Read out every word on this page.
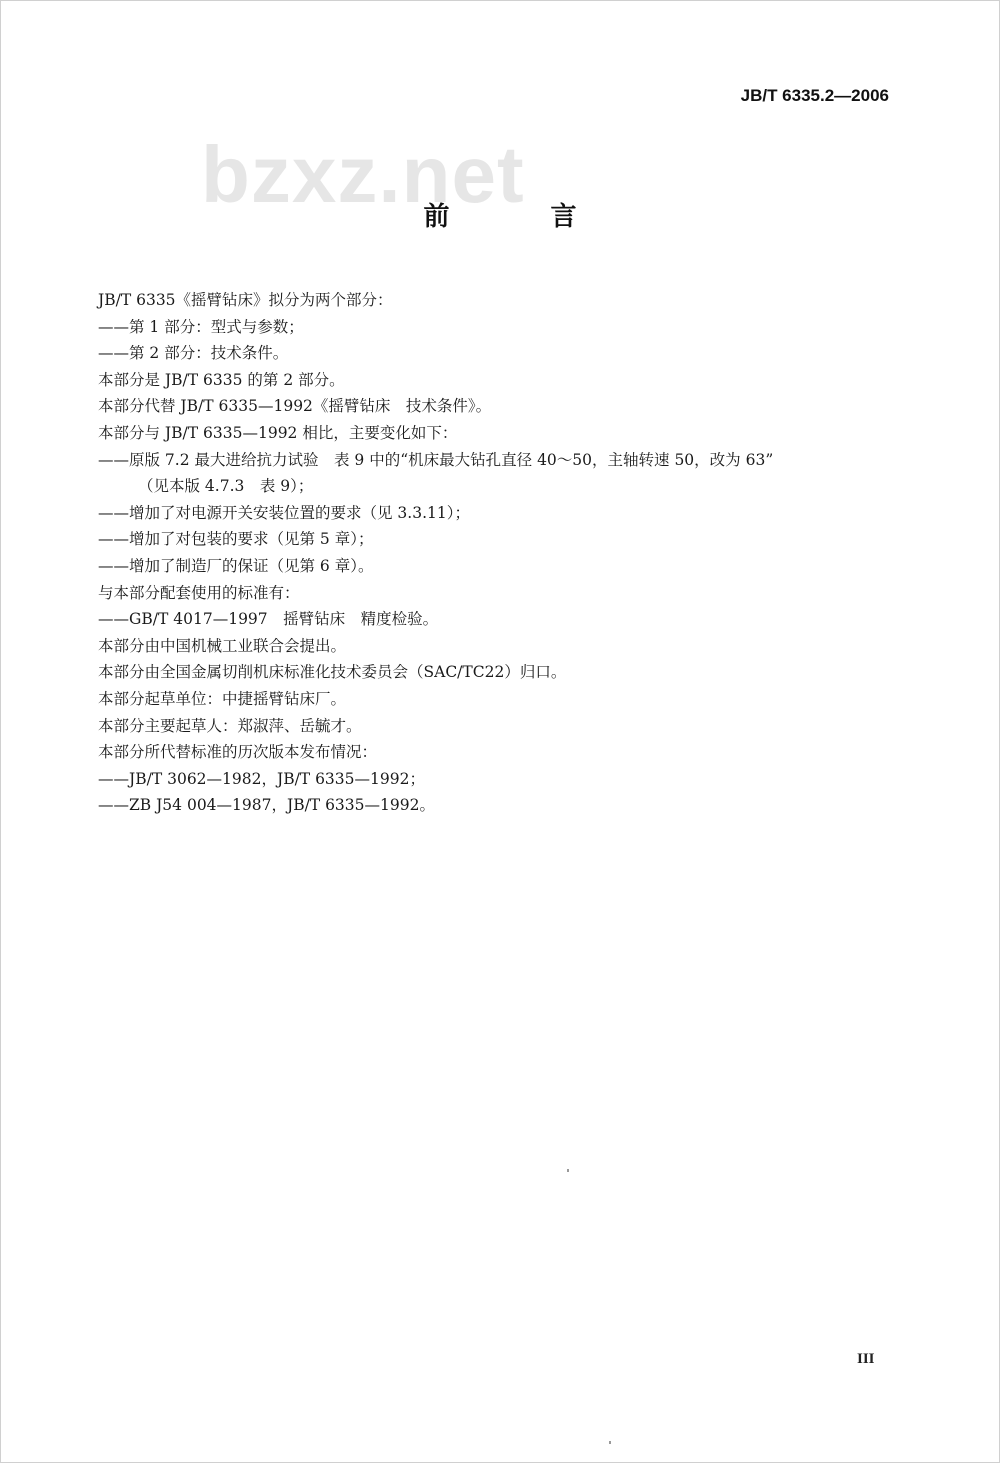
JB/T 6335.2—2006
bzxz.net
前 言
JB/T 6335《摇臂钻床》拟分为两个部分：
——第 1 部分：型式与参数；
——第 2 部分：技术条件。
本部分是 JB/T 6335 的第 2 部分。
本部分代替 JB/T 6335—1992《摇臂钻床　技术条件》。
本部分与 JB/T 6335—1992 相比，主要变化如下：
——原版 7.2 最大进给抗力试验　表 9 中的“机床最大钻孔直径 40～50，主轴转速 50，改为 63”
（见本版 4.7.3　表 9）；
——增加了对电源开关安装位置的要求（见 3.3.11）；
——增加了对包装的要求（见第 5 章）；
——增加了制造厂的保证（见第 6 章）。
与本部分配套使用的标准有：
——GB/T 4017—1997　摇臂钻床　精度检验。
本部分由中国机械工业联合会提出。
本部分由全国金属切削机床标准化技术委员会（SAC/TC22）归口。
本部分起草单位：中捷摇臂钻床厂。
本部分主要起草人：郑淑萍、岳毓才。
本部分所代替标准的历次版本发布情况：
——JB/T 3062—1982，JB/T 6335—1992；
——ZB J54 004—1987，JB/T 6335—1992。
III
